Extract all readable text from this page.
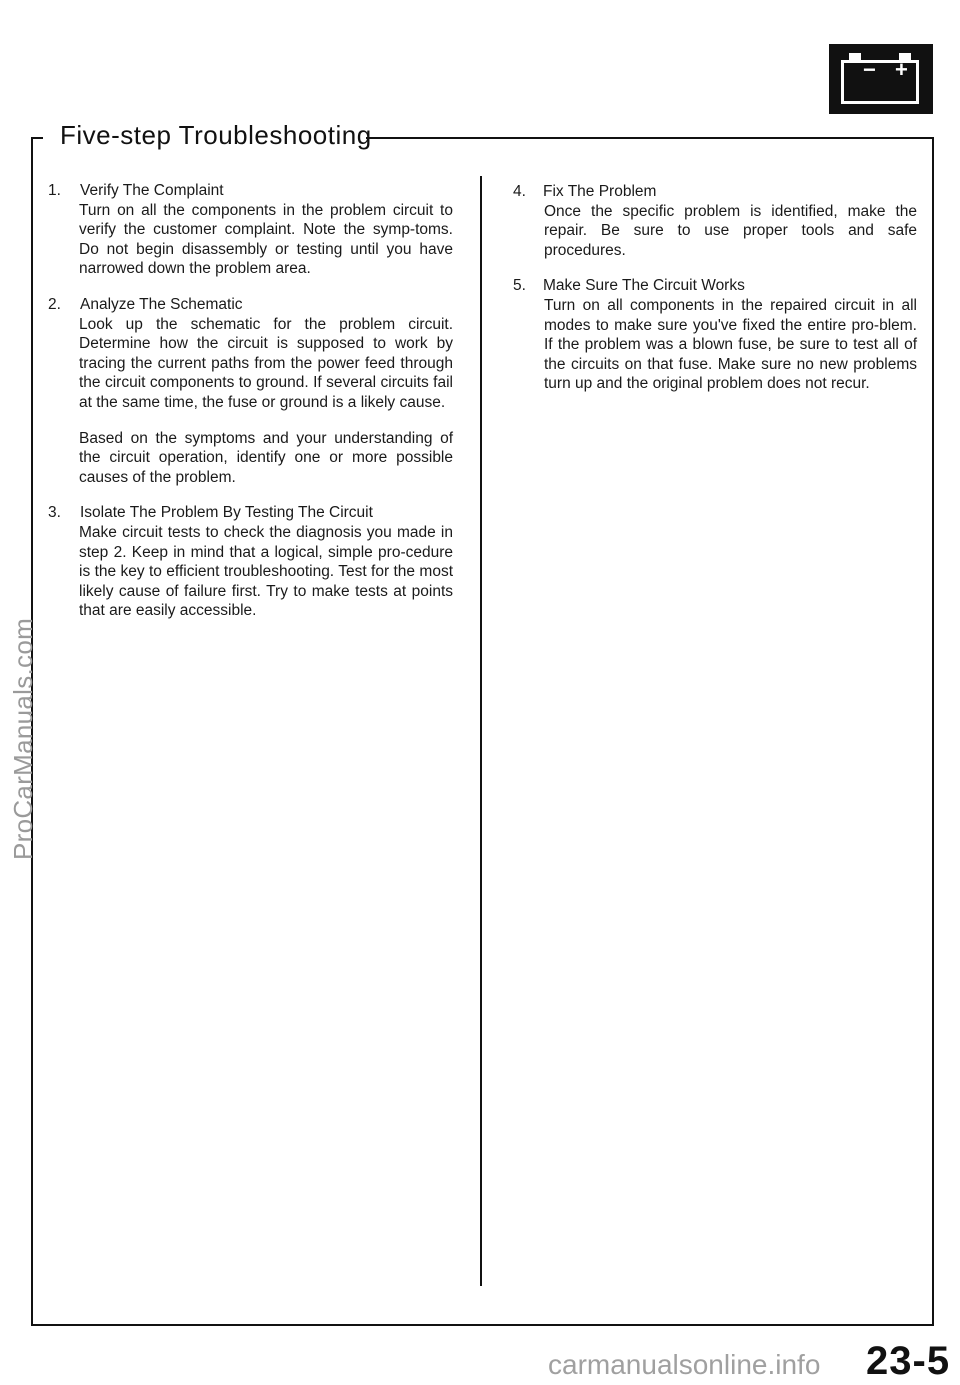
Five-step Troubleshooting
− +
1. Verify The Complaint

Turn on all the components in the problem circuit to verify the customer complaint. Note the symp-toms. Do not begin disassembly or testing until you have narrowed down the problem area.

2. Analyze The Schematic

Look up the schematic for the problem circuit. Determine how the circuit is supposed to work by tracing the current paths from the power feed through the circuit components to ground. If several circuits fail at the same time, the fuse or ground is a likely cause.

Based on the symptoms and your understanding of the circuit operation, identify one or more possible causes of the problem.

3. Isolate The Problem By Testing The Circuit

Make circuit tests to check the diagnosis you made in step 2. Keep in mind that a logical, simple pro-cedure is the key to efficient troubleshooting. Test for the most likely cause of failure first. Try to make tests at points that are easily accessible.

4. Fix The Problem

Once the specific problem is identified, make the repair. Be sure to use proper tools and safe procedures.

5. Make Sure The Circuit Works

Turn on all components in the repaired circuit in all modes to make sure you've fixed the entire pro-blem. If the problem was a blown fuse, be sure to test all of the circuits on that fuse. Make sure no new problems turn up and the original problem does not recur.

ProCarManuals.com
carmanualsonline.info 23-5
